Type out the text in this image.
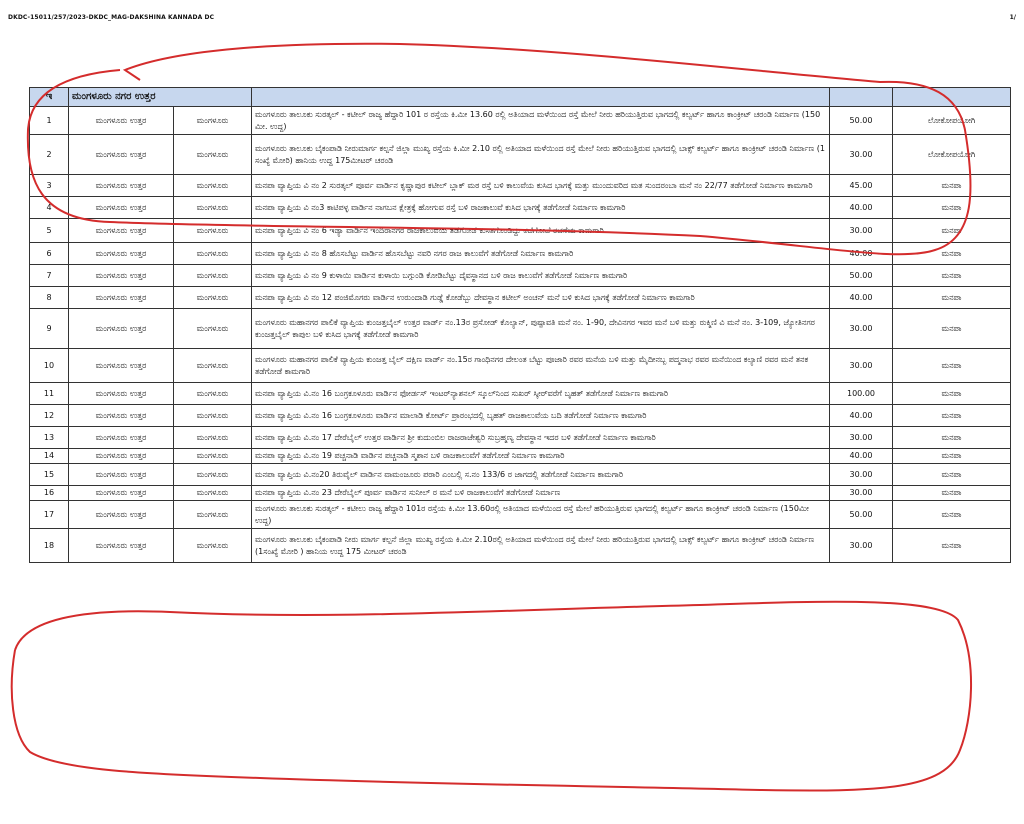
DKDC-15011/257/2023-DKDC_MAG-DAKSHINA KANNADA DC	1/
ಇ	ಮಂಗಳೂರು ನಗರ ಉತ್ತರ				
1	ಮಂಗಳೂರು ಉತ್ತರ	ಮಂಗಳೂರು	ಮಂಗಳೂರು ತಾಲೂಕು ಸುರತ್ಕಲ್ - ಕಟೀಲ್ ರಾಜ್ಯ ಹೆದ್ದಾರಿ 101 ರ ರಸ್ತೆಯ ಕಿ.ಮೀ 13.60 ರಲ್ಲಿ ಅತಿಯಾದ ಮಳೆಯಿಂದ ರಸ್ತೆ ಮೇಲೆ ನೀರು ಹರಿಯುತ್ತಿರುವ ಭಾಗದಲ್ಲಿ ಕಲ್ವರ್ಟ್ ಹಾಗೂ ಕಾಂಕ್ರೀಟ್ ಚರಂಡಿ ನಿರ್ಮಾಣ (150 ಮೀ. ಉದ್ದ)	50.00	ಲೋಕೋಪಯೋಗಿ
2	ಮಂಗಳೂರು ಉತ್ತರ	ಮಂಗಳೂರು	ಮಂಗಳೂರು ತಾಲೂಕು ಬೈಕಂಪಾಡಿ ನೀರುಮಾರ್ಗ ಕಲ್ಪನೆ ಜಿಲ್ಲಾ ಮುಖ್ಯ ರಸ್ತೆಯ ಕಿ.ಮೀ 2.10 ರಲ್ಲಿ ಅತಿಯಾದ ಮಳೆಯಿಂದ ರಸ್ತೆ ಮೇಲೆ ನೀರು ಹರಿಯುತ್ತಿರುವ ಭಾಗದಲ್ಲಿ ಬಾಕ್ಸ್ ಕಲ್ವರ್ಟ್ ಹಾಗೂ ಕಾಂಕ್ರೀಟ್ ಚರಂಡಿ ನಿರ್ಮಾಣ (1 ಸಂಖ್ಯೆ ಮೋರಿ) ಹಾನಿಯ ಉದ್ದ 175ಮೀಟರ್ ಚರಂಡಿ	30.00	ಲೋಕೋಪಯೋಗಿ
3	ಮಂಗಳೂರು ಉತ್ತರ	ಮಂಗಳೂರು	ಮನಪಾ ವ್ಯಾಪ್ತಿಯ ವಿ ನಂ 2 ಸುರತ್ಕಲ್ ಪೂರ್ವ ವಾರ್ಡಿನ ಕೃಷ್ಣಾಪುರ ಕಟೀಲ್ ಬ್ಲಾಕ್ ಮಠ ರಸ್ತೆ ಬಳಿ ಕಾಲುವೆಯ ಕುಸಿದ ಭಾಗಕ್ಕೆ ಮತ್ತು ಮುಂದುವರಿದ ಮತ ಸುಂದರಂಬಾ ಮನೆ ನಂ 22/77 ತಡೆಗೋಡೆ ನಿರ್ಮಾಣ ಕಾಮಗಾರಿ	45.00	ಮನಪಾ
4	ಮಂಗಳೂರು ಉತ್ತರ	ಮಂಗಳೂರು	ಮನಪಾ ವ್ಯಾಪ್ತಿಯ ವಿ ನಂ3 ಕಾಟಿಪಳ್ಳ ವಾರ್ಡಿನ ನಾಗಬನ ಕ್ಷೇತ್ರಕ್ಕೆ ಹೋಗುವ ರಸ್ತೆ ಬಳಿ ರಾಜಕಾಲುವೆ ಕುಸಿದ ಭಾಗಕ್ಕೆ ತಡೆಗೋಡೆ ನಿರ್ಮಾಣ ಕಾಮಗಾರಿ	40.00	ಮನಪಾ
5	ಮಂಗಳೂರು ಉತ್ತರ	ಮಂಗಳೂರು	ಮನಪಾ ವ್ಯಾಪ್ತಿಯ ವಿ ನಂ 6 ಇಡ್ಯಾ ವಾರ್ಡಿನ ಇಂದಿರಾನಗರ ರಾಜಕಾಲುವೆಯ ತಡೆಗೋಡೆ ಕುಸಿತಗೊಂಡಿದ್ದು ತಡೆಗೋಡೆ ರಚನೆಯ ಕಾಮಗಾರಿ	30.00	ಮನಪಾ
6	ಮಂಗಳೂರು ಉತ್ತರ	ಮಂಗಳೂರು	ಮನಪಾ ವ್ಯಾಪ್ತಿಯ ವಿ ನಂ 8 ಹೊಸಬೆಟ್ಟು ವಾರ್ಡಿನ ಹೊಸಬೆಟ್ಟು ನವರಿ ನಗರ ರಾಜ ಕಾಲುವೆಗೆ ತಡೆಗೋಡೆ ನಿರ್ಮಾಣ ಕಾಮಗಾರಿ	40.00	ಮನಪಾ
7	ಮಂಗಳೂರು ಉತ್ತರ	ಮಂಗಳೂರು	ಮನಪಾ ವ್ಯಾಪ್ತಿಯ ವಿ ನಂ 9 ಕುಳಾಯಿ ವಾರ್ಡಿನ ಕುಳಾಯಿ ಬಗ್ಗುಂಡಿ ಕೋಡಿಬೆಟ್ಟು ದೈವಸ್ಥಾನದ ಬಳಿ ರಾಜ ಕಾಲುವೆಗೆ ತಡೆಗೋಡೆ ನಿರ್ಮಾಣ ಕಾಮಗಾರಿ	50.00	ಮನಪಾ
8	ಮಂಗಳೂರು ಉತ್ತರ	ಮಂಗಳೂರು	ಮನಪಾ ವ್ಯಾಪ್ತಿಯ ವಿ ನಂ 12 ಪಂಜಿಮೊಗರು ವಾರ್ಡಿನ ಉರುಂದಾಡಿ ಗುಡ್ಡೆ ಕೋಡೆಬ್ಬು ದೇವಸ್ಥಾನ ಕಟೀಲ್ ಅಂಚನ್ ಮನೆ ಬಳಿ ಕುಸಿದ ಭಾಗಕ್ಕೆ ತಡೆಗೋಡೆ ನಿರ್ಮಾಣ ಕಾಮಗಾರಿ	40.00	ಮನಪಾ
9	ಮಂಗಳೂರು ಉತ್ತರ	ಮಂಗಳೂರು	ಮಂಗಳೂರು ಮಹಾನಗರ ಪಾಲಿಕೆ ವ್ಯಾಪ್ತಿಯ ಕುಂಜತ್ತಬೈಲ್ ಉತ್ತರ ವಾರ್ಡ್ ನಂ.13ರ ಪ್ರಸೋಡ್ ಕೊಲ್ಯಾನ್, ಪುಷ್ಪಾವತಿ ಮನೆ ನಂ. 1-90, ದೇವಿನಗರ ಇವರ ಮನೆ ಬಳಿ ಮತ್ತು ರುಕ್ಮಿಣಿ ವಿ ಮನೆ ನಂ. 3-109, ಜ್ಯೋತಿನಗರ ಕುಂಜತ್ತಬೈಲ್ ಕಾಪುಲ ಬಳಿ ಕುಸಿದ ಭಾಗಕ್ಕೆ ತಡೆಗೋಡೆ ಕಾಮಗಾರಿ	30.00	ಮನಪಾ
10	ಮಂಗಳೂರು ಉತ್ತರ	ಮಂಗಳೂರು	ಮಂಗಳೂರು ಮಹಾನಗರ ಪಾಲಿಕೆ ವ್ಯಾಪ್ತಿಯ ಕುಂಜತ್ತ ಬೈಲ್ ದಕ್ಷಿಣ ವಾರ್ಡ್ ನಂ.15ರ ಗಾಂಧಿನಗರ ದೇಲಂತ ಬೆಟ್ಟು ಪೂಜಾರಿ ರವರ ಮನೆಯ ಬಳಿ ಮತ್ತು ಮೈದೀನಬ್ಬ ಪದ್ಮನಾಭ ರವರ ಮನೆಯಿಂದ ಕಲ್ಯಾಣಿ ರವರ ಮನೆ ತನಕ ತಡೆಗೋಡೆ ಕಾಮಗಾರಿ	30.00	ಮನಪಾ
11	ಮಂಗಳೂರು ಉತ್ತರ	ಮಂಗಳೂರು	ಮನಪಾ ವ್ಯಾಪ್ತಿಯ ವಿ.ನಂ 16 ಬಂಗ್ರಕೂಳೂರು ವಾರ್ಡಿನ ಫೋರ್ಡಸ್ ಇಂಟರ್‌ನ್ಯಾಶನಲ್ ಸ್ಕೂಲ್‌ನಿಂದ ಸುಖರ್ ಸ್ಕೀರ್‌ವರೆಗೆ ಬೃಹತ್ ತಡೆಗೋಡೆ ನಿರ್ಮಾಣ ಕಾಮಗಾರಿ	100.00	ಮನಪಾ
12	ಮಂಗಳೂರು ಉತ್ತರ	ಮಂಗಳೂರು	ಮನಪಾ ವ್ಯಾಪ್ತಿಯ ವಿ.ನಂ 16 ಬಂಗ್ರಕೂಳೂರು ವಾರ್ಡಿನ ಮಾಲಾಡಿ ಕೋರ್ಟ್ ಪ್ರಾರಂಭದಲ್ಲಿ ಬೃಹತ್ ರಾಜಕಾಲುವೆಯ ಬದಿ ತಡೆಗೋಡೆ ನಿರ್ಮಾಣ ಕಾಮಗಾರಿ	40.00	ಮನಪಾ
13	ಮಂಗಳೂರು ಉತ್ತರ	ಮಂಗಳೂರು	ಮನಪಾ ವ್ಯಾಪ್ತಿಯ ವಿ.ನಂ 17 ದೇರೆಬೈಲ್ ಉತ್ತರ ವಾರ್ಡಿನ ಶ್ರೀ ಕುದುಂಬಿಲ ರಾಜರಾಜೇಶ್ವರಿ ಸುಬ್ರಹ್ಮಣ್ಯ ದೇವಸ್ಥಾನ ಇದರ ಬಳಿ ತಡೆಗೋಡೆ ನಿರ್ಮಾಣ ಕಾಮಗಾರಿ	30.00	ಮನಪಾ
14	ಮಂಗಳೂರು ಉತ್ತರ	ಮಂಗಳೂರು	ಮನಪಾ ವ್ಯಾಪ್ತಿಯ ವಿ.ನಂ 19 ಪಚ್ಚನಾಡಿ ವಾರ್ಡಿನ ಪಚ್ಚನಾಡಿ ಸ್ಮಶಾನ ಬಳಿ ರಾಜಕಾಲುವೆಗೆ ತಡೆಗೋಡೆ ನಿರ್ಮಾಣ ಕಾಮಗಾರಿ	40.00	ಮನಪಾ
15	ಮಂಗಳೂರು ಉತ್ತರ	ಮಂಗಳೂರು	ಮನಪಾ ವ್ಯಾಪ್ತಿಯ ವಿ.ನಂ20 ತಿರುವೈಲ್ ವಾರ್ಡಿನ ವಾಮಂಜೂರು ಪರಾರಿ ಎಂಬಲ್ಲಿ ಸ.ನಂ 133/6 ರ ಜಾಗದಲ್ಲಿ ತಡೆಗೋಡೆ ನಿರ್ಮಾಣ ಕಾಮಗಾರಿ	30.00	ಮನಪಾ
16	ಮಂಗಳೂರು ಉತ್ತರ	ಮಂಗಳೂರು	ಮನಪಾ ವ್ಯಾಪ್ತಿಯ ವಿ.ನಂ 23 ದೇರೆಬೈಲ್ ಪೂರ್ವ ವಾರ್ಡಿನ ಸುನೀಲ್ ರ ಮನೆ ಬಳಿ ರಾಜಕಾಲುವೆಗೆ ತಡೆಗೋಡೆ ನಿರ್ಮಾಣ	30.00	ಮನಪಾ
17	ಮಂಗಳೂರು ಉತ್ತರ	ಮಂಗಳೂರು	ಮಂಗಳೂರು ತಾಲೂಕು ಸುರತ್ಕಲ್ - ಕಟೀಲು ರಾಜ್ಯ ಹೆದ್ದಾರಿ 101ರ ರಸ್ತೆಯ ಕಿ.ಮೀ 13.60ರಲ್ಲಿ ಅತಿಯಾದ ಮಳೆಯಿಂದ ರಸ್ತೆ ಮೇಲೆ ಹರಿಯುತ್ತಿರುವ ಭಾಗದಲ್ಲಿ ಕಲ್ವರ್ಟ್ ಹಾಗೂ ಕಾಂಕ್ರೀಟ್ ಚರಂಡಿ ನಿರ್ಮಾಣ (150ಮೀ ಉದ್ದ)	50.00	ಮನಪಾ
18	ಮಂಗಳೂರು ಉತ್ತರ	ಮಂಗಳೂರು	ಮಂಗಳೂರು ತಾಲೂಕು ಬೈಕಂಪಾಡಿ ನೀರು ಮಾರ್ಗ ಕಲ್ಪನೆ ಜಿಲ್ಲಾ ಮುಖ್ಯ ರಸ್ತೆಯ ಕಿ.ಮೀ 2.10ರಲ್ಲಿ ಅತಿಯಾದ ಮಳೆಯಿಂದ ರಸ್ತೆ ಮೇಲೆ ನೀರು ಹರಿಯುತ್ತಿರುವ ಭಾಗದಲ್ಲಿ ಬಾಕ್ಸ್ ಕಲ್ವರ್ಟ್ ಹಾಗೂ ಕಾಂಕ್ರೀಟ್ ಚರಂಡಿ ನಿರ್ಮಾಣ (1ಸಂಖ್ಯೆ ಮೋರಿ ) ಹಾನಿಯ ಉದ್ದ 175 ಮೀಟರ್ ಚರಂಡಿ	30.00	ಮನಪಾ
